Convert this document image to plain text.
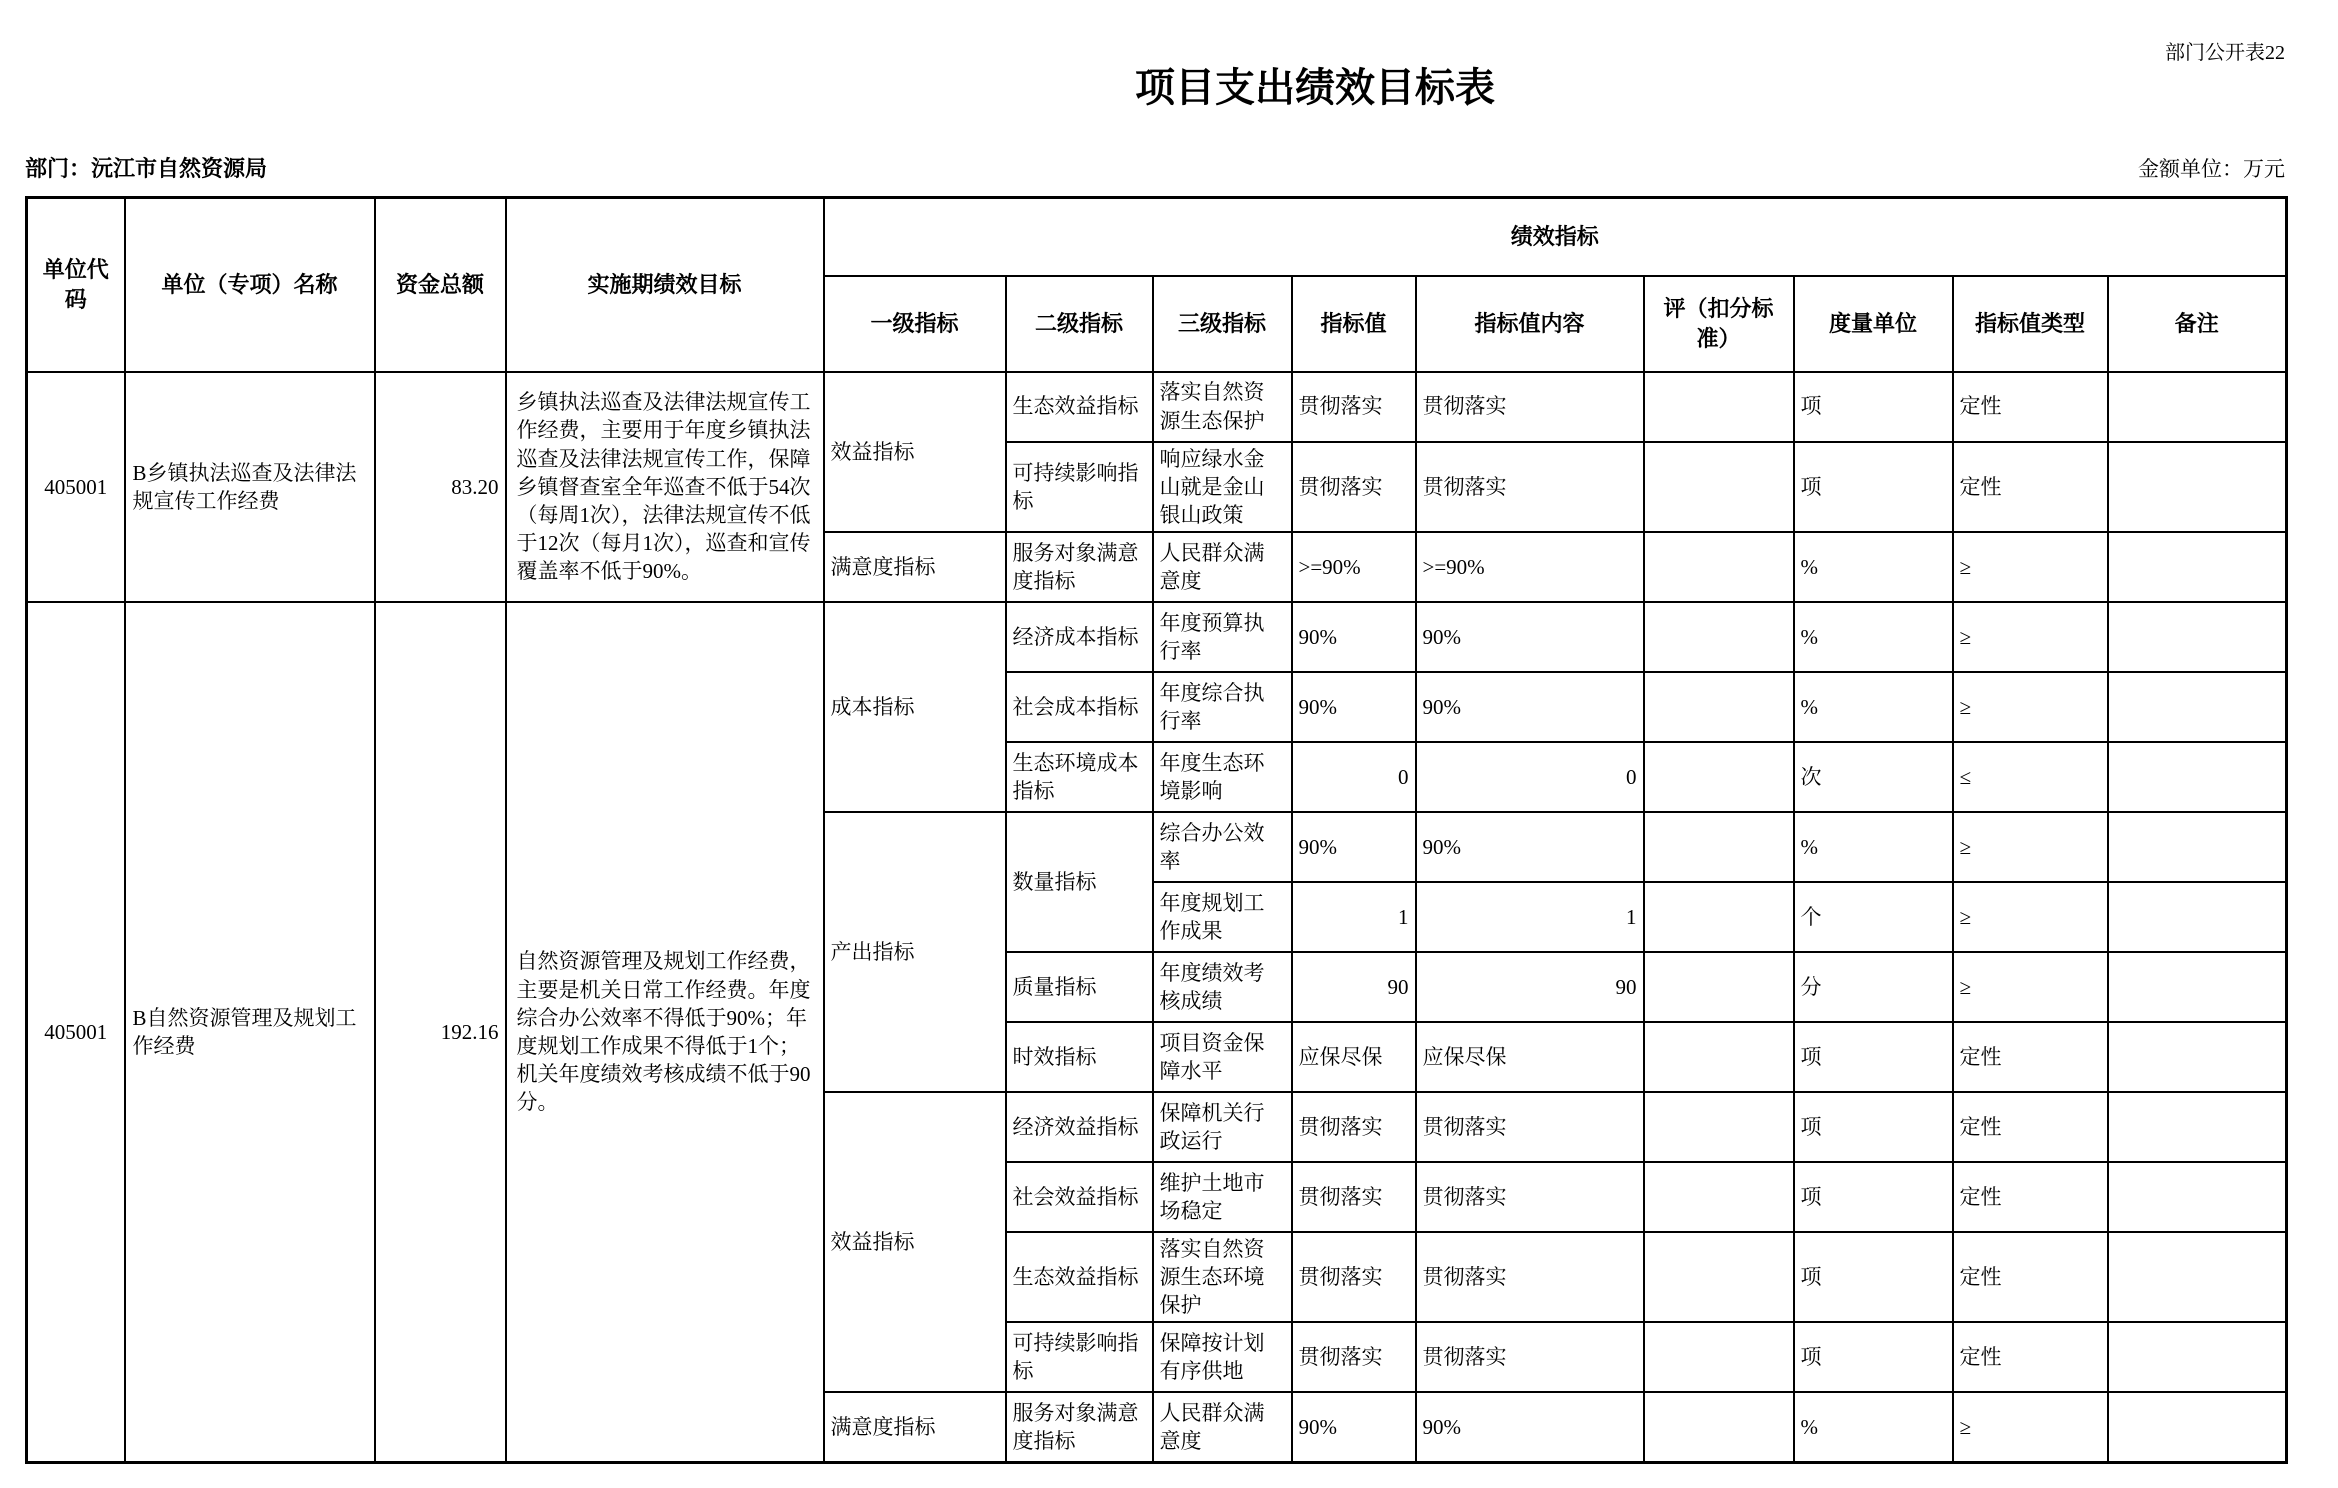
部门公开表22
项目支出绩效目标表
部门：沅江市自然资源局	金额单位：万元
单位代码	单位（专项）名称	资金总额	实施期绩效目标	绩效指标								
				一级指标	二级指标	三级指标	指标值	指标值内容	评（扣分标准）	度量单位	指标值类型	备注
405001	B乡镇执法巡查及法律法规宣传工作经费	83.20	乡镇执法巡查及法律法规宣传工作经费，主要用于年度乡镇执法巡查及法律法规宣传工作，保障乡镇督查室全年巡查不低于54次（每周1次），法律法规宣传不低于12次（每月1次），巡查和宣传覆盖率不低于90%。	效益指标	生态效益指标	落实自然资源生态保护	贯彻落实	贯彻落实		项	定性	
					可持续影响指标	响应绿水金山就是金山银山政策	贯彻落实	贯彻落实		项	定性	
				满意度指标	服务对象满意度指标	人民群众满意度	>=90%	>=90%		%	≥	
405001	B自然资源管理及规划工作经费	192.16	自然资源管理及规划工作经费，主要是机关日常工作经费。年度综合办公效率不得低于90%；年度规划工作成果不得低于1个；机关年度绩效考核成绩不低于90分。	成本指标	经济成本指标	年度预算执行率	90%	90%		%	≥	
					社会成本指标	年度综合执行率	90%	90%		%	≥	
					生态环境成本指标	年度生态环境影响	0	0		次	≤	
				产出指标	数量指标	综合办公效率	90%	90%		%	≥	
						年度规划工作成果	1	1		个	≥	
					质量指标	年度绩效考核成绩	90	90		分	≥	
					时效指标	项目资金保障水平	应保尽保	应保尽保		项	定性	
				效益指标	经济效益指标	保障机关行政运行	贯彻落实	贯彻落实		项	定性	
					社会效益指标	维护土地市场稳定	贯彻落实	贯彻落实		项	定性	
					生态效益指标	落实自然资源生态环境保护	贯彻落实	贯彻落实		项	定性	
					可持续影响指标	保障按计划有序供地	贯彻落实	贯彻落实		项	定性	
				满意度指标	服务对象满意度指标	人民群众满意度	90%	90%		%	≥	
